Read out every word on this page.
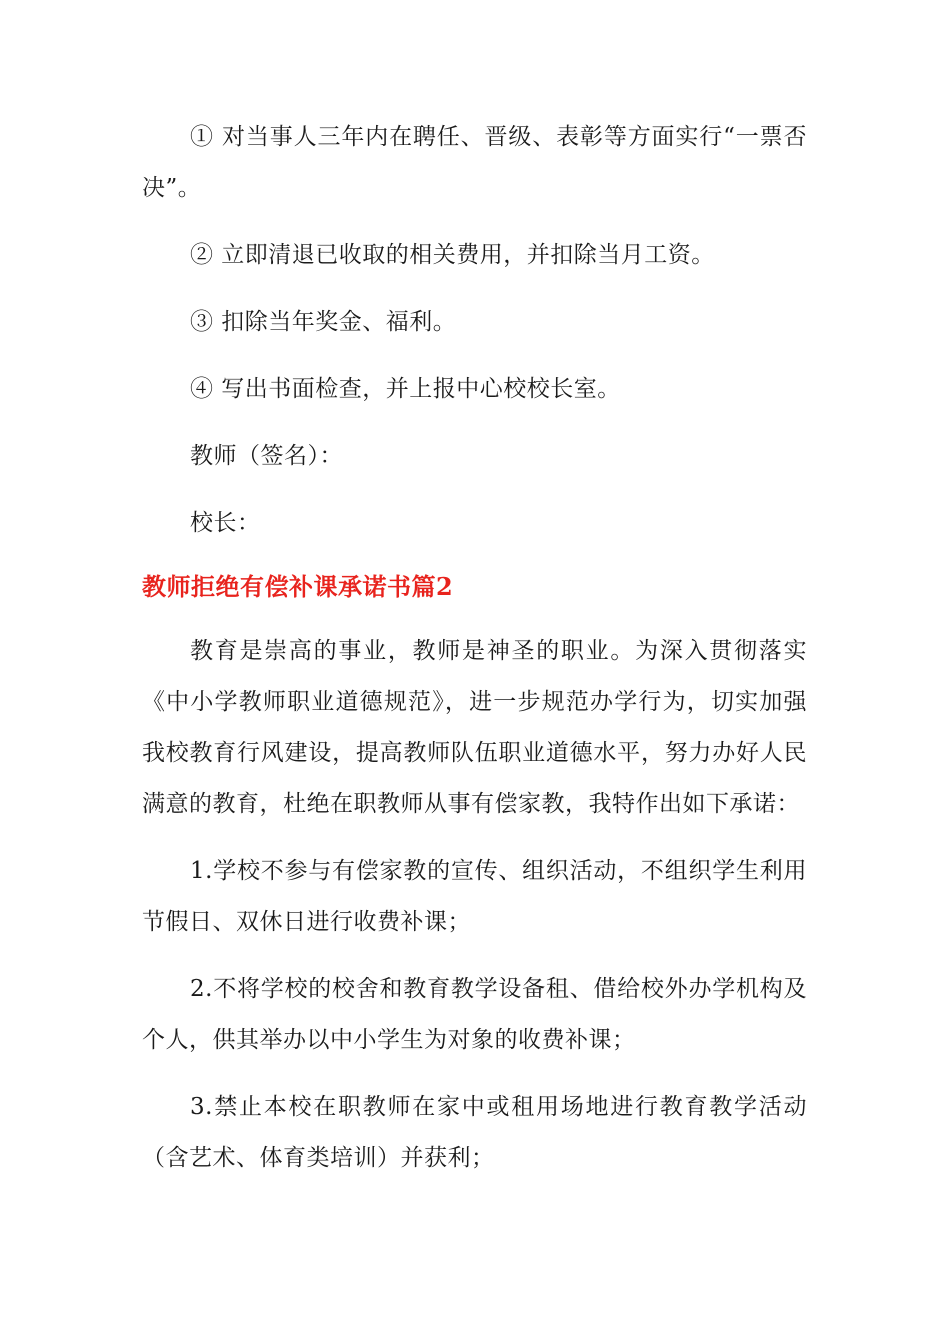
① 对当事人三年内在聘任、晋级、表彰等方面实行“一票否决”。

② 立即清退已收取的相关费用，并扣除当月工资。

③ 扣除当年奖金、福利。

④ 写出书面检查，并上报中心校校长室。

教师（签名）：

校长：

教师拒绝有偿补课承诺书篇2

教育是崇高的事业，教师是神圣的职业。为深入贯彻落实《中小学教师职业道德规范》，进一步规范办学行为，切实加强我校教育行风建设，提高教师队伍职业道德水平，努力办好人民满意的教育，杜绝在职教师从事有偿家教，我特作出如下承诺：

1.学校不参与有偿家教的宣传、组织活动，不组织学生利用节假日、双休日进行收费补课；

2.不将学校的校舍和教育教学设备租、借给校外办学机构及个人，供其举办以中小学生为对象的收费补课；

3.禁止本校在职教师在家中或租用场地进行教育教学活动（含艺术、体育类培训）并获利；
